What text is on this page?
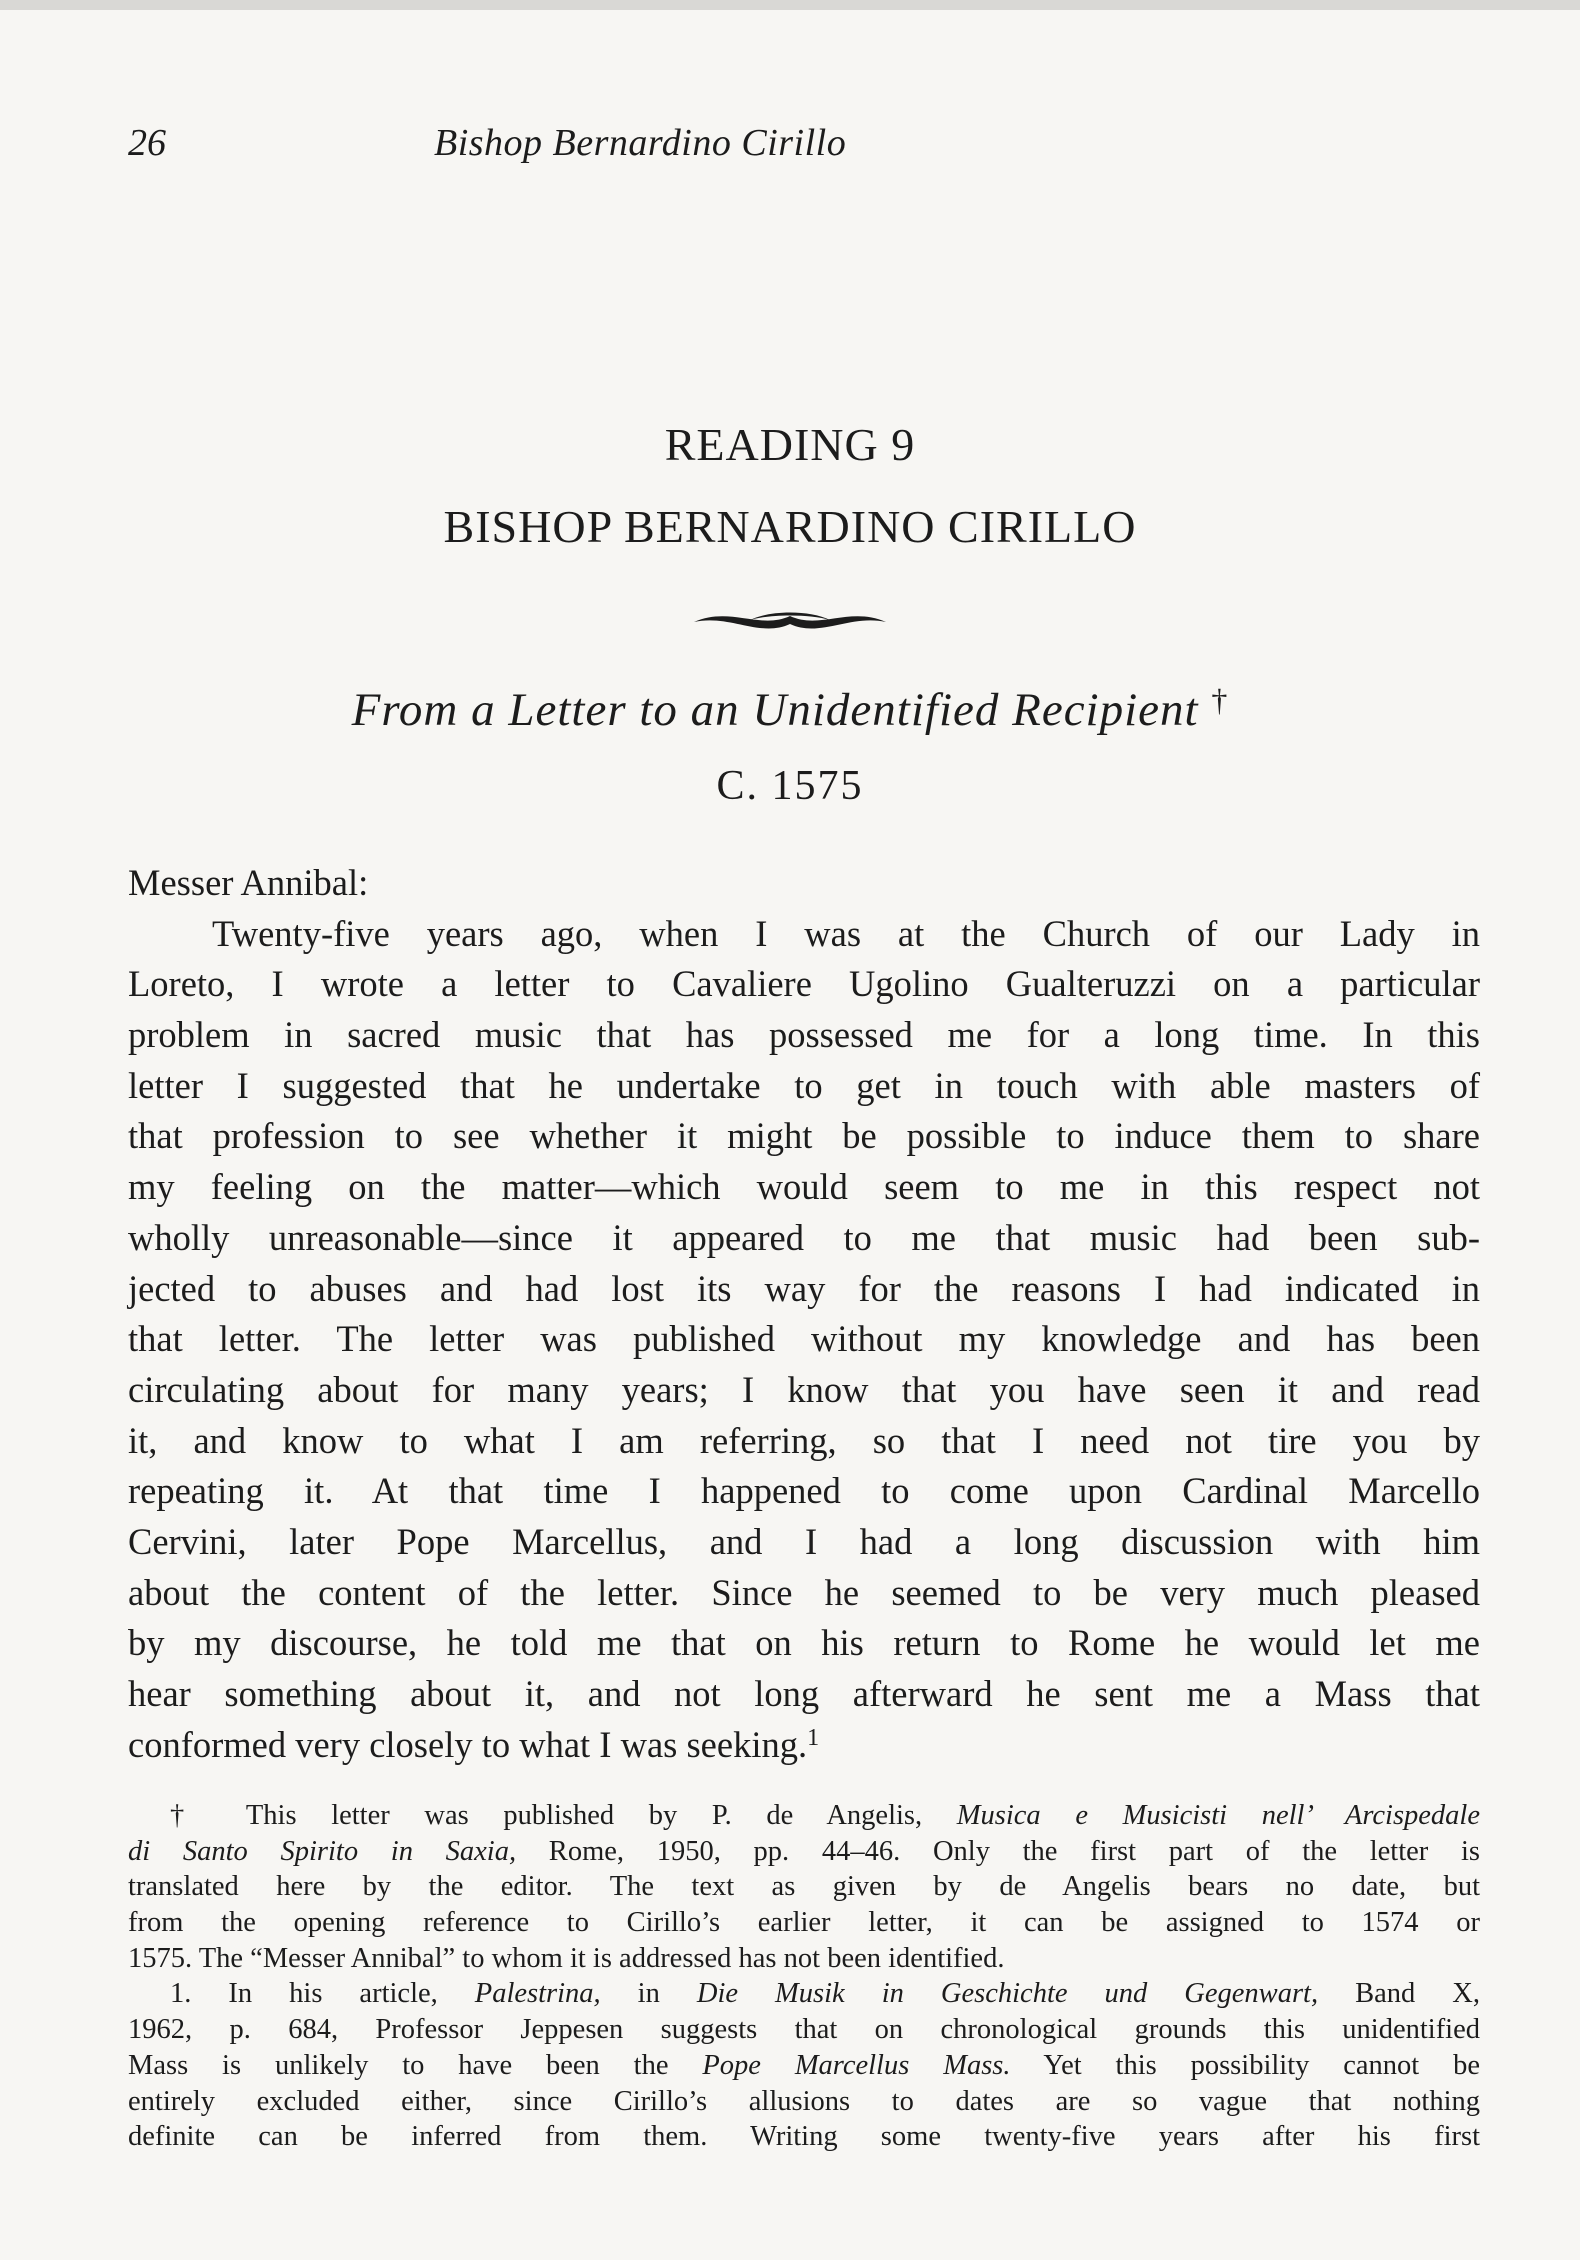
26	Bishop Bernardino Cirillo
READING 9
BISHOP BERNARDINO CIRILLO
From a Letter to an Unidentified Recipient †
C. 1575
Messer Annibal:
Twenty-five years ago, when I was at the Church of our Lady in
Loreto, I wrote a letter to Cavaliere Ugolino Gualteruzzi on a particular
problem in sacred music that has possessed me for a long time. In this
letter I suggested that he undertake to get in touch with able masters of
that profession to see whether it might be possible to induce them to share
my feeling on the matter—which would seem to me in this respect not
wholly unreasonable—since it appeared to me that music had been sub-
jected to abuses and had lost its way for the reasons I had indicated in
that letter. The letter was published without my knowledge and has been
circulating about for many years; I know that you have seen it and read
it, and know to what I am referring, so that I need not tire you by
repeating it. At that time I happened to come upon Cardinal Marcello
Cervini, later Pope Marcellus, and I had a long discussion with him
about the content of the letter. Since he seemed to be very much pleased
by my discourse, he told me that on his return to Rome he would let me
hear something about it, and not long afterward he sent me a Mass that
conformed very closely to what I was seeking.$^1$
† This letter was published by P. de Angelis, Musica e Musicisti nell’ Arcispedale
di Santo Spirito in Saxia, Rome, 1950, pp. 44–46. Only the first part of the letter is
translated here by the editor. The text as given by de Angelis bears no date, but
from the opening reference to Cirillo’s earlier letter, it can be assigned to 1574 or
1575. The “Messer Annibal” to whom it is addressed has not been identified.
1. In his article, Palestrina, in Die Musik in Geschichte und Gegenwart, Band X,
1962, p. 684, Professor Jeppesen suggests that on chronological grounds this unidentified
Mass is unlikely to have been the Pope Marcellus Mass. Yet this possibility cannot be
entirely excluded either, since Cirillo’s allusions to dates are so vague that nothing
definite can be inferred from them. Writing some twenty-five years after his first
